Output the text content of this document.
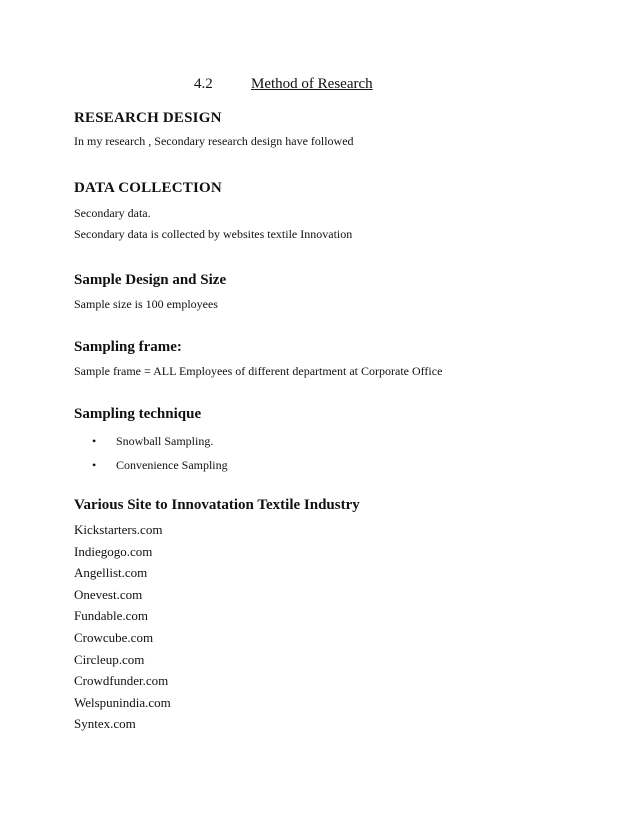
4.2	Method of Research

RESEARCH DESIGN

In my research , Secondary research design have followed

DATA COLLECTION

Secondary data.

Secondary data is collected by websites textile Innovation

Sample Design and Size

Sample size is 100 employees

Sampling frame:

Sample frame = ALL Employees of different department at Corporate Office

Sampling technique

• Snowball Sampling.
• Convenience Sampling

Various Site to Innovatation Textile Industry

Kickstarters.com
Indiegogo.com
Angellist.com
Onevest.com
Fundable.com
Crowcube.com
Circleup.com
Crowdfunder.com
Welspunindia.com
Syntex.com
